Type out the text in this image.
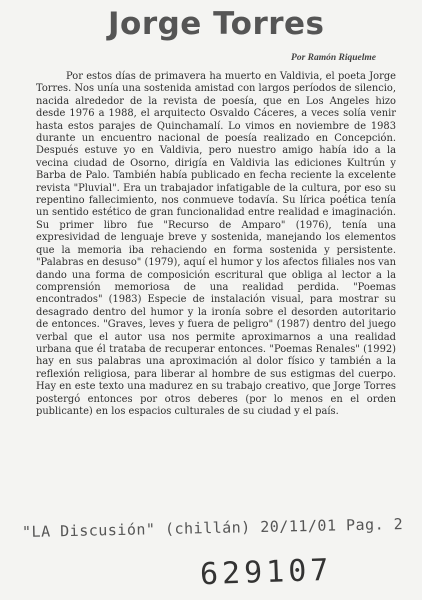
Jorge Torres
Por Ramón Riquelme

Por estos días de primavera ha muerto en Valdivia, el poeta Jorge Torres. Nos unía una sostenida amistad con largos períodos de silencio, nacida alrededor de la revista de poesía, que en Los Angeles hizo desde 1976 a 1988, el arquitecto Osvaldo Cáceres, a veces solía venir hasta estos parajes de Quinchamalí. Lo vimos en noviembre de 1983 durante un encuentro nacional de poesía realizado en Concepción. Después estuve yo en Valdivia, pero nuestro amigo había ido a la vecina ciudad de Osorno, dirigía en Valdivia las ediciones Kultrún y Barba de Palo. También había publicado en fecha reciente la excelente revista "Pluvial". Era un trabajador infatigable de la cultura, por eso su repentino fallecimiento, nos conmueve todavía. Su lírica poética tenía un sentido estético de gran funcionalidad entre realidad e imaginación. Su primer libro fue "Recurso de Amparo" (1976), tenía una expresividad de lenguaje breve y sostenida, manejando los elementos que la memoria iba rehaciendo en forma sostenida y persistente. "Palabras en desuso" (1979), aquí el humor y los afectos filiales nos van dando una forma de composición escritural que obliga al lector a la comprensión memoriosa de una realidad perdida. "Poemas encontrados" (1983) Especie de instalación visual, para mostrar su desagrado dentro del humor y la ironía sobre el desorden autoritario de entonces. "Graves, leves y fuera de peligro" (1987) dentro del juego verbal que el autor usa nos permite aproximarnos a una realidad urbana que él trataba de recuperar entonces. "Poemas Renales" (1992) hay en sus palabras una aproximación al dolor físico y también a la reflexión religiosa, para liberar al hombre de sus estigmas del cuerpo. Hay en este texto una madurez en su trabajo creativo, que Jorge Torres postergó entonces por otros deberes (por lo menos en el orden publicante) en los espacios culturales de su ciudad y el país.

"LA Discusión" (chillán) 20/11/01 Pag. 2
629107
